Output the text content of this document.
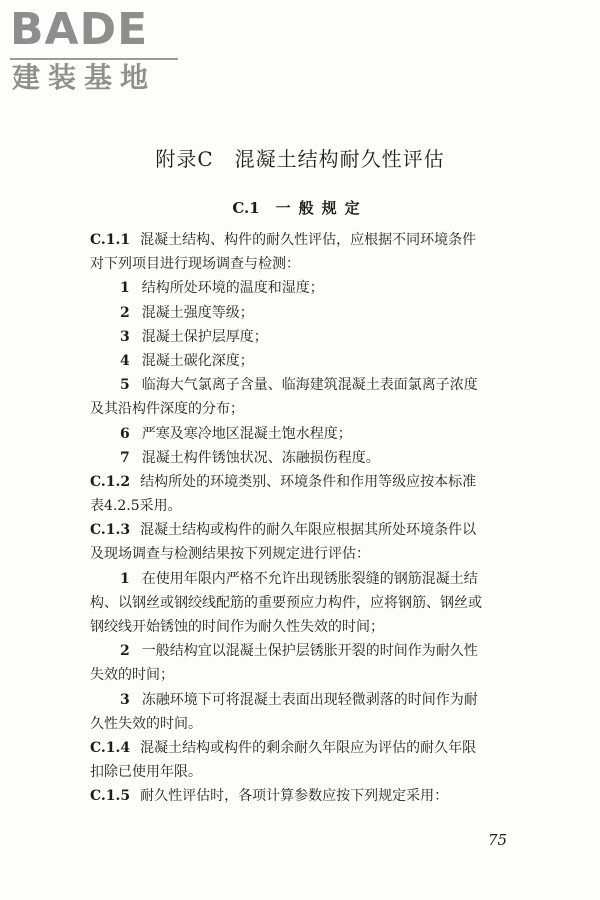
BADE
建装基地
附录C　混凝土结构耐久性评估
C.1 一般规定
C.1.1 混凝土结构、构件的耐久性评估，应根据不同环境条件
对下列项目进行现场调查与检测：
1 结构所处环境的温度和湿度；
2 混凝土强度等级；
3 混凝土保护层厚度；
4 混凝土碳化深度；
5 临海大气氯离子含量、临海建筑混凝土表面氯离子浓度
及其沿构件深度的分布；
6 严寒及寒冷地区混凝土饱水程度；
7 混凝土构件锈蚀状况、冻融损伤程度。
C.1.2 结构所处的环境类别、环境条件和作用等级应按本标准
表4.2.5采用。
C.1.3 混凝土结构或构件的耐久年限应根据其所处环境条件以
及现场调查与检测结果按下列规定进行评估：
1 在使用年限内严格不允许出现锈胀裂缝的钢筋混凝土结
构、以钢丝或钢绞线配筋的重要预应力构件，应将钢筋、钢丝或
钢绞线开始锈蚀的时间作为耐久性失效的时间；
2 一般结构宜以混凝土保护层锈胀开裂的时间作为耐久性
失效的时间；
3 冻融环境下可将混凝土表面出现轻微剥落的时间作为耐
久性失效的时间。
C.1.4 混凝土结构或构件的剩余耐久年限应为评估的耐久年限
扣除已使用年限。
C.1.5 耐久性评估时，各项计算参数应按下列规定采用：
75
